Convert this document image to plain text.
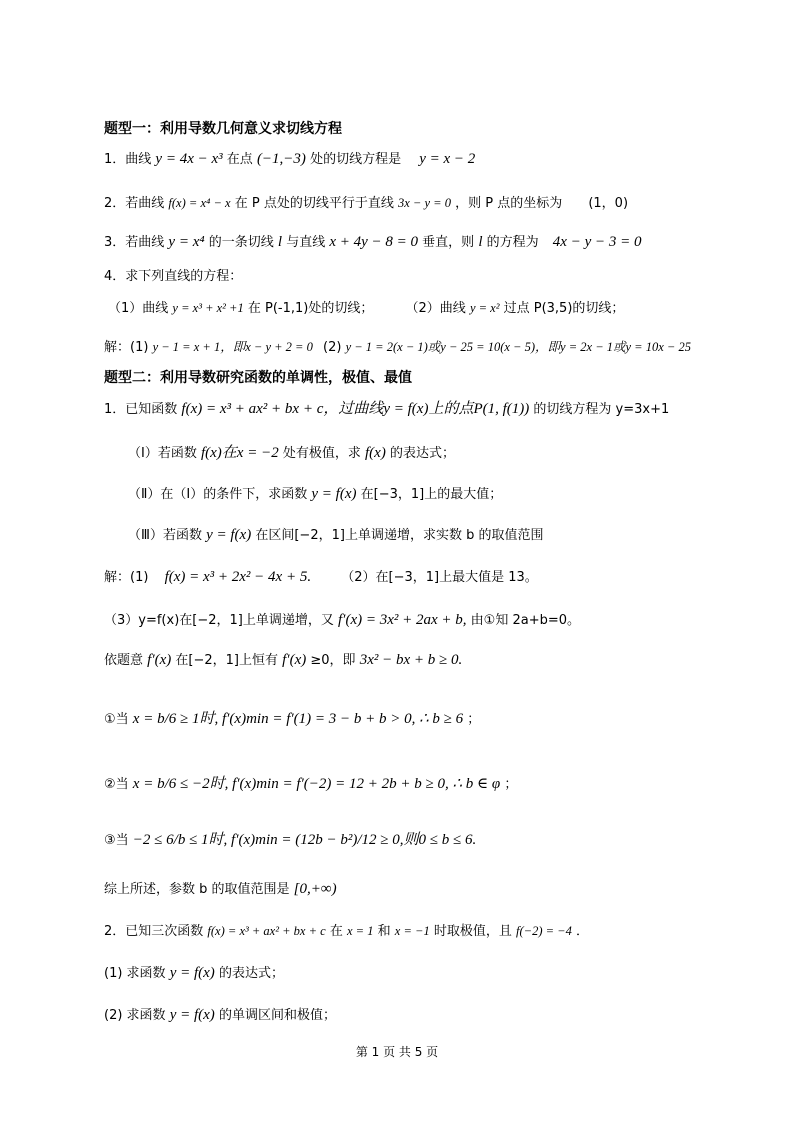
题型一：利用导数几何意义求切线方程
1．曲线 y = 4x − x³ 在点 (−1,−3) 处的切线方程是 y = x − 2
2．若曲线 f(x) = x⁴ − x 在 P 点处的切线平行于直线 3x − y = 0 ，则 P 点的坐标为 (1，0)
3．若曲线 y = x⁴ 的一条切线 l 与直线 x + 4y − 8 = 0 垂直，则 l 的方程为 4x − y − 3 = 0
4．求下列直线的方程：
（1）曲线 y = x³ + x² +1 在 P(-1,1)处的切线； （2）曲线 y = x² 过点 P(3,5)的切线；
解：(1) y − 1 = x + 1，即x − y + 2 = 0 (2) y − 1 = 2(x − 1)或y − 25 = 10(x − 5)，即y = 2x − 1或y = 10x − 25
题型二：利用导数研究函数的单调性，极值、最值
1．已知函数 f(x) = x³ + ax² + bx + c，过曲线y = f(x)上的点P(1, f(1)) 的切线方程为 y=3x+1
（Ⅰ）若函数 f(x)在x = −2 处有极值，求 f(x) 的表达式；
（Ⅱ）在（Ⅰ）的条件下，求函数 y = f(x) 在[−3，1]上的最大值；
（Ⅲ）若函数 y = f(x) 在区间[−2，1]上单调递增，求实数 b 的取值范围
解：(1) f(x) = x³ + 2x² − 4x + 5. （2）在[−3，1]上最大值是 13。
（3）y=f(x)在[−2，1]上单调递增，又 f′(x) = 3x² + 2ax + b, 由①知 2a+b=0。
依题意 f′(x) 在[−2，1]上恒有 f′(x) ≥0，即 3x² − bx + b ≥ 0.
①当 x = b/6 ≥ 1时, f′(x)min = f′(1) = 3 − b + b > 0, ∴ b ≥ 6 ；
②当 x = b/6 ≤ −2时, f′(x)min = f′(−2) = 12 + 2b + b ≥ 0, ∴ b ∈ φ ；
③当 −2 ≤ 6/b ≤ 1时, f′(x)min = (12b − b²)/12 ≥ 0,则0 ≤ b ≤ 6.
综上所述，参数 b 的取值范围是 [0,+∞)
2．已知三次函数 f(x) = x³ + ax² + bx + c 在 x = 1 和 x = −1 时取极值，且 f(−2) = −4 ．
(1) 求函数 y = f(x) 的表达式；
(2) 求函数 y = f(x) 的单调区间和极值；
第 1 页 共 5 页
